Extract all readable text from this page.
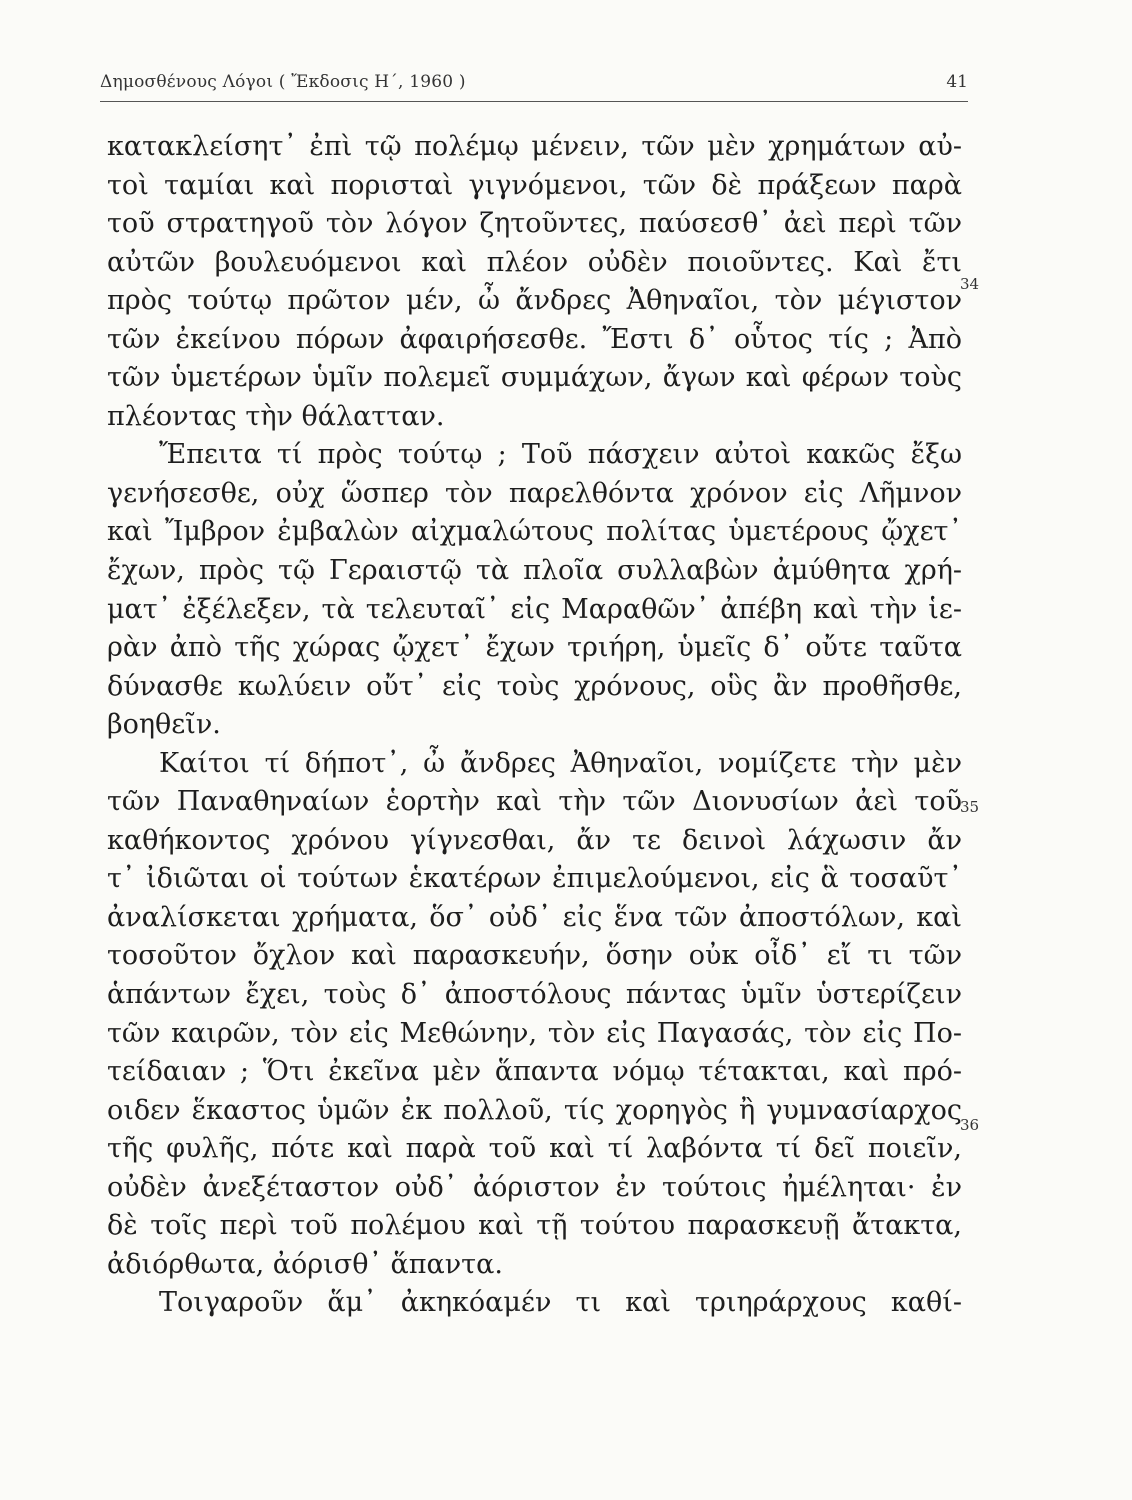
Δημοσθένους Λόγοι ( Ἔκδοσις Η΄, 1960 )	41
κατακλείσητ᾿ ἐπὶ τῷ πολέμῳ μένειν, τῶν μὲν χρημάτων αὐ-
τοὶ ταμίαι καὶ πορισταὶ γιγνόμενοι, τῶν δὲ πράξεων παρὰ
τοῦ στρατηγοῦ τὸν λόγον ζητοῦντες, παύσεσθ᾿ ἀεὶ περὶ τῶν
αὐτῶν βουλευόμενοι καὶ πλέον οὐδὲν ποιοῦντες. Καὶ ἔτι
πρὸς τούτῳ πρῶτον μέν, ὦ ἄνδρες Ἀθηναῖοι, τὸν μέγιστον
τῶν ἐκείνου πόρων ἀφαιρήσεσθε. Ἔστι δ᾿ οὗτος τίς ; Ἀπὸ
τῶν ὑμετέρων ὑμῖν πολεμεῖ συμμάχων, ἄγων καὶ φέρων τοὺς
πλέοντας τὴν θάλατταν.
Ἔπειτα τί πρὸς τούτῳ ; Τοῦ πάσχειν αὐτοὶ κακῶς ἔξω
γενήσεσθε, οὐχ ὥσπερ τὸν παρελθόντα χρόνον εἰς Λῆμνον
καὶ Ἴμβρον ἐμβαλὼν αἰχμαλώτους πολίτας ὑμετέρους ᾤχετ᾿
ἔχων, πρὸς τῷ Γεραιστῷ τὰ πλοῖα συλλαβὼν ἀμύθητα χρή-
ματ᾿ ἐξέλεξεν, τὰ τελευταῖ᾿ εἰς Μαραθῶν᾿ ἀπέβη καὶ τὴν ἱε-
ρὰν ἀπὸ τῆς χώρας ᾤχετ᾿ ἔχων τριήρη, ὑμεῖς δ᾿ οὔτε ταῦτα
δύνασθε κωλύειν οὔτ᾿ εἰς τοὺς χρόνους, οὓς ἂν προθῆσθε,
βοηθεῖν.
Καίτοι τί δήποτ᾿, ὦ ἄνδρες Ἀθηναῖοι, νομίζετε τὴν μὲν
τῶν Παναθηναίων ἑορτὴν καὶ τὴν τῶν Διονυσίων ἀεὶ τοῦ
καθήκοντος χρόνου γίγνεσθαι, ἄν τε δεινοὶ λάχωσιν ἄν
τ᾿ ἰδιῶται οἱ τούτων ἑκατέρων ἐπιμελούμενοι, εἰς ἃ τοσαῦτ᾿
ἀναλίσκεται χρήματα, ὅσ᾿ οὐδ᾿ εἰς ἕνα τῶν ἀποστόλων, καὶ
τοσοῦτον ὄχλον καὶ παρασκευήν, ὅσην οὐκ οἶδ᾿ εἴ τι τῶν
ἁπάντων ἔχει, τοὺς δ᾿ ἀποστόλους πάντας ὑμῖν ὑστερίζειν
τῶν καιρῶν, τὸν εἰς Μεθώνην, τὸν εἰς Παγασάς, τὸν εἰς Πο-
τείδαιαν ; Ὅτι ἐκεῖνα μὲν ἅπαντα νόμῳ τέτακται, καὶ πρό-
οιδεν ἕκαστος ὑμῶν ἐκ πολλοῦ, τίς χορηγὸς ἢ γυμνασίαρχος
τῆς φυλῆς, πότε καὶ παρὰ τοῦ καὶ τί λαβόντα τί δεῖ ποιεῖν,
οὐδὲν ἀνεξέταστον οὐδ᾿ ἀόριστον ἐν τούτοις ἠμέληται· ἐν
δὲ τοῖς περὶ τοῦ πολέμου καὶ τῇ τούτου παρασκευῇ ἄτακτα,
ἀδιόρθωτα, ἀόρισθ᾿ ἅπαντα.
Τοιγαροῦν ἅμ᾿ ἀκηκόαμέν τι καὶ τριηράρχους καθί-
34
35
36
